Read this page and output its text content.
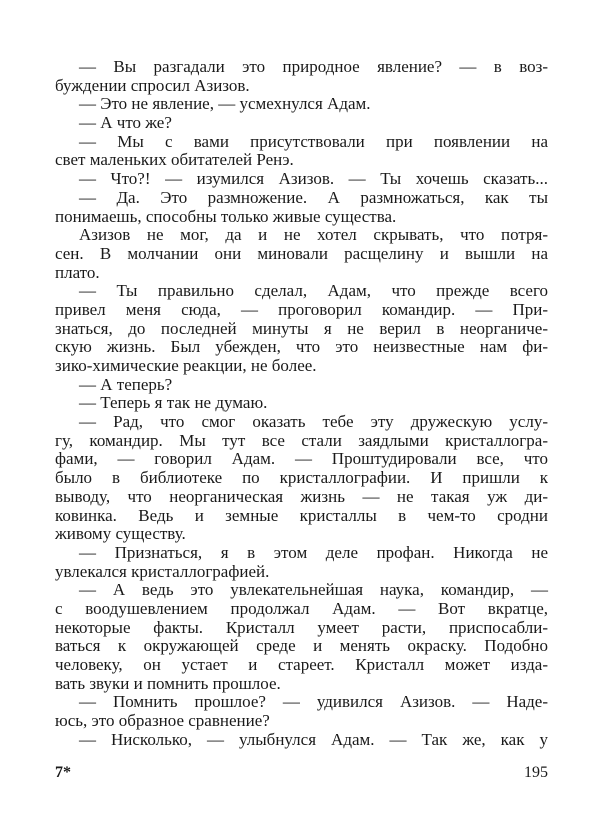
— Вы разгадали это природное явление? — в воз-
буждении спросил Азизов.
— Это не явление, — усмехнулся Адам.
— А что же?
— Мы с вами присутствовали при появлении на
свет маленьких обитателей Ренэ.
— Что?! — изумился Азизов. — Ты хочешь сказать...
— Да. Это размножение. А размножаться, как ты
понимаешь, способны только живые существа.
Азизов не мог, да и не хотел скрывать, что потря-
сен. В молчании они миновали расщелину и вышли на
плато.
— Ты правильно сделал, Адам, что прежде всего
привел меня сюда, — проговорил командир. — При-
знаться, до последней минуты я не верил в неорганиче-
скую жизнь. Был убежден, что это неизвестные нам фи-
зико-химические реакции, не более.
— А теперь?
— Теперь я так не думаю.
— Рад, что смог оказать тебе эту дружескую услу-
гу, командир. Мы тут все стали заядлыми кристаллогра-
фами, — говорил Адам. — Проштудировали все, что
было в библиотеке по кристаллографии. И пришли к
выводу, что неорганическая жизнь — не такая уж ди-
ковинка. Ведь и земные кристаллы в чем-то сродни
живому существу.
— Признаться, я в этом деле профан. Никогда не
увлекался кристаллографией.
— А ведь это увлекательнейшая наука, командир, —
с воодушевлением продолжал Адам. — Вот вкратце,
некоторые факты. Кристалл умеет расти, приспосабли-
ваться к окружающей среде и менять окраску. Подобно
человеку, он устает и стареет. Кристалл может изда-
вать звуки и помнить прошлое.
— Помнить прошлое? — удивился Азизов. — Наде-
юсь, это образное сравнение?
— Нисколько, — улыбнулся Адам. — Так же, как у
7*	195
